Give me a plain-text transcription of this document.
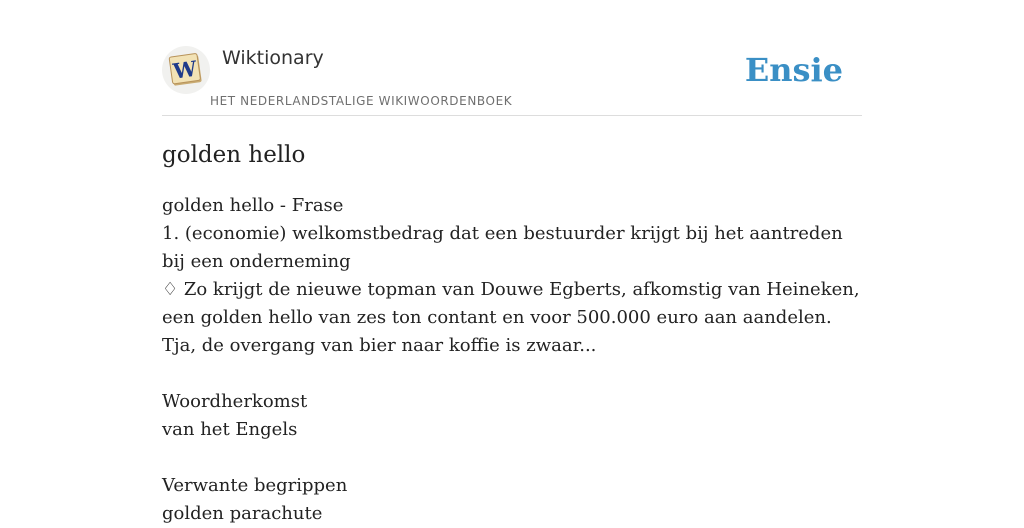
W Wiktionary

HET NEDERLANDSTALIGE WIKIWOORDENBOEK

Ensie

golden hello

golden hello - Frase

1. (economie) welkomstbedrag dat een bestuurder krijgt bij het aantreden bij een onderneming

♢ Zo krijgt de nieuwe topman van Douwe Egberts, afkomstig van Heineken, een golden hello van zes ton contant en voor 500.000 euro aan aandelen. Tja, de overgang van bier naar koffie is zwaar...

Woordherkomst

van het Engels

Verwante begrippen

golden parachute
